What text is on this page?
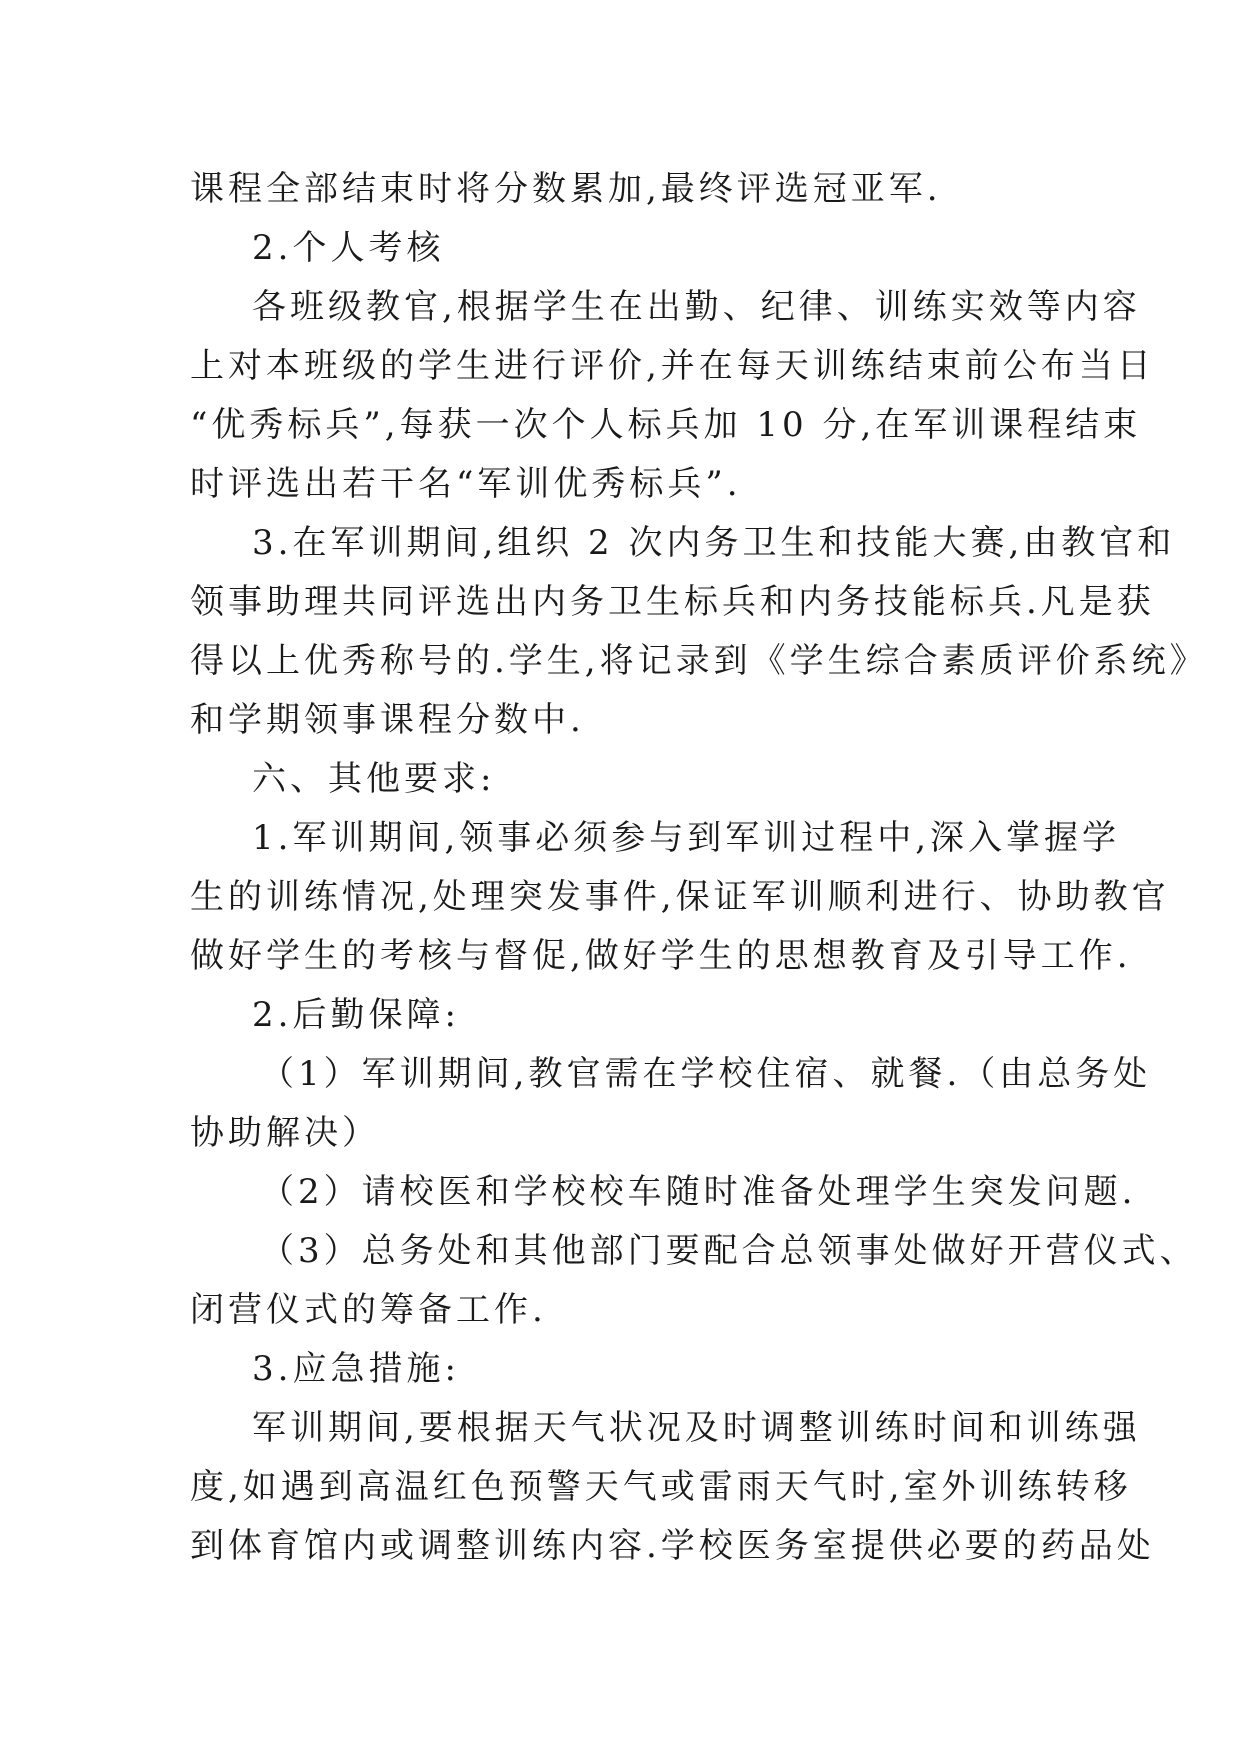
课程全部结束时将分数累加,最终评选冠亚军.
2.个人考核
各班级教官,根据学生在出勤、纪律、训练实效等内容
上对本班级的学生进行评价,并在每天训练结束前公布当日
“优秀标兵”,每获一次个人标兵加 10 分,在军训课程结束
时评选出若干名“军训优秀标兵”.
3.在军训期间,组织 2 次内务卫生和技能大赛,由教官和
领事助理共同评选出内务卫生标兵和内务技能标兵.凡是获
得以上优秀称号的.学生,将记录到《学生综合素质评价系统》
和学期领事课程分数中.
六、其他要求:
1.军训期间,领事必须参与到军训过程中,深入掌握学
生的训练情况,处理突发事件,保证军训顺利进行、协助教官
做好学生的考核与督促,做好学生的思想教育及引导工作.
2.后勤保障:
（1）军训期间,教官需在学校住宿、就餐.（由总务处
协助解决）
（2）请校医和学校校车随时准备处理学生突发问题.
（3）总务处和其他部门要配合总领事处做好开营仪式、
闭营仪式的筹备工作.
3.应急措施:
军训期间,要根据天气状况及时调整训练时间和训练强
度,如遇到高温红色预警天气或雷雨天气时,室外训练转移
到体育馆内或调整训练内容.学校医务室提供必要的药品处
